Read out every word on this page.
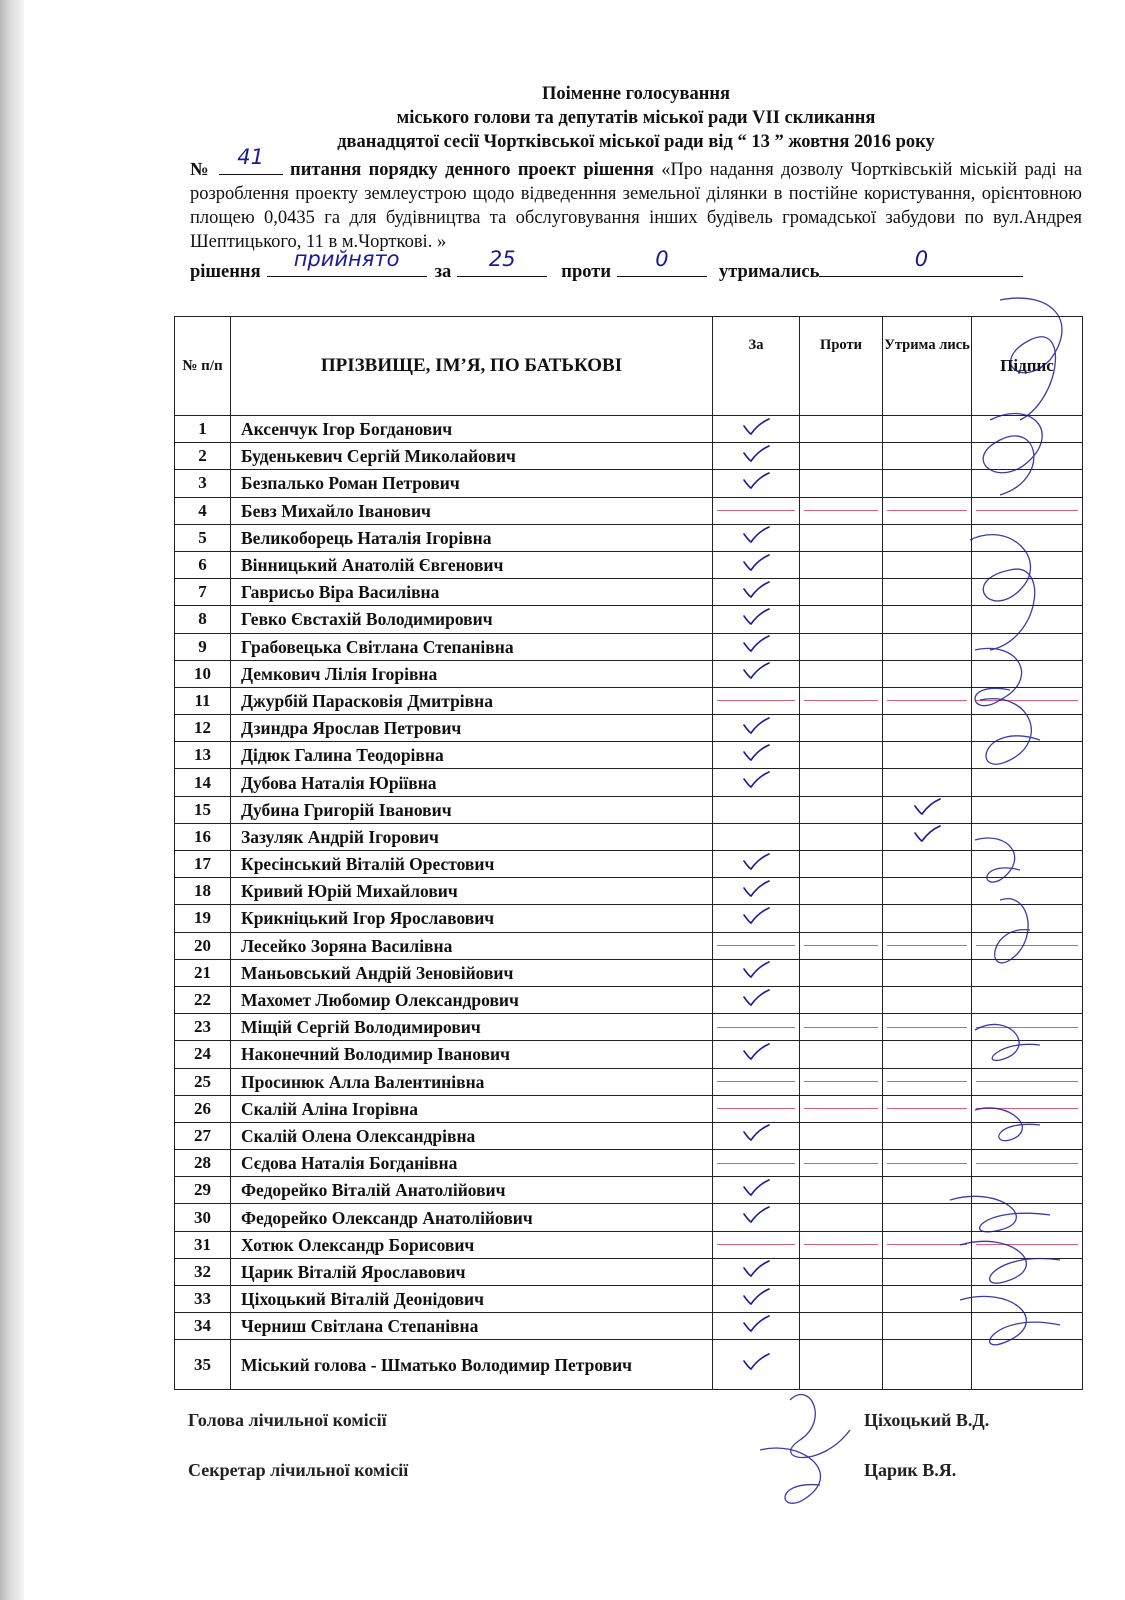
Поіменне голосування
міського голови та депутатів міської ради VII скликання
дванадцятої сесії Чортківської міської ради від “ 13 ” жовтня 2016 року
№
41
питання порядку денного проект рішення «Про надання дозволу Чортківській міській раді на розроблення проекту землеустрою щодо відведенння земельної ділянки в постійне користування, орієнтовною площею 0,0435 га для будівництва та обслуговування інших будівель громадської забудови по вул.Андрея Шептицького, 11 в м.Чорткові. »
рішення
прийнято
за
25
проти
0
утримались
0
№ п/п	ПРІЗВИЩЕ, ІМ’Я, ПО БАТЬКОВІ	За	Проти	Утрима лись	Підпис
1	Аксенчук Ігор Богданович	

2	Буденькевич Сергій Миколайович	

3	Безпалько Роман Петрович	

4	Бевз Михайло Іванович	

5	Великоборець Наталія Ігорівна	

6	Вінницький Анатолій Євгенович	

7	Гаврисьо Віра Василівна	

8	Гевко Євстахій Володимирович	

9	Грабовецька Світлана Степанівна	

10	Демкович Лілія Ігорівна	

11	Джурбій Парасковія Дмитрівна	

12	Дзиндра Ярослав Петрович	

13	Дідюк Галина Теодорівна	

14	Дубова Наталія Юріївна	

15	Дубина Григорій Іванович			

16	Зазуляк Андрій Ігорович			

17	Кресінський Віталій Орестович	

18	Кривий Юрій Михайлович	

19	Крикніцький Ігор Ярославович	

20	Лесейко Зоряна Василівна	

21	Маньовський Андрій Зеновійович	

22	Махомет Любомир Олександрович	

23	Міщій Сергій Володимирович	

24	Наконечний Володимир Іванович	

25	Просинюк Алла Валентинівна	

26	Скалій Аліна Ігорівна	

27	Скалій Олена Олександрівна	

28	Сєдова Наталія Богданівна	

29	Федорейко Віталій Анатолійович	

30	Федорейко Олександр Анатолійович	

31	Хотюк Олександр Борисович	

32	Царик Віталій Ярославович	

33	Ціхоцький Віталій Деонідович	

34	Черниш Світлана Степанівна	

35	Міський голова - Шматько Володимир Петрович	

Голова лічильної комісії	Ціхоцький В.Д.
Секретар лічильної комісії	Царик В.Я.
